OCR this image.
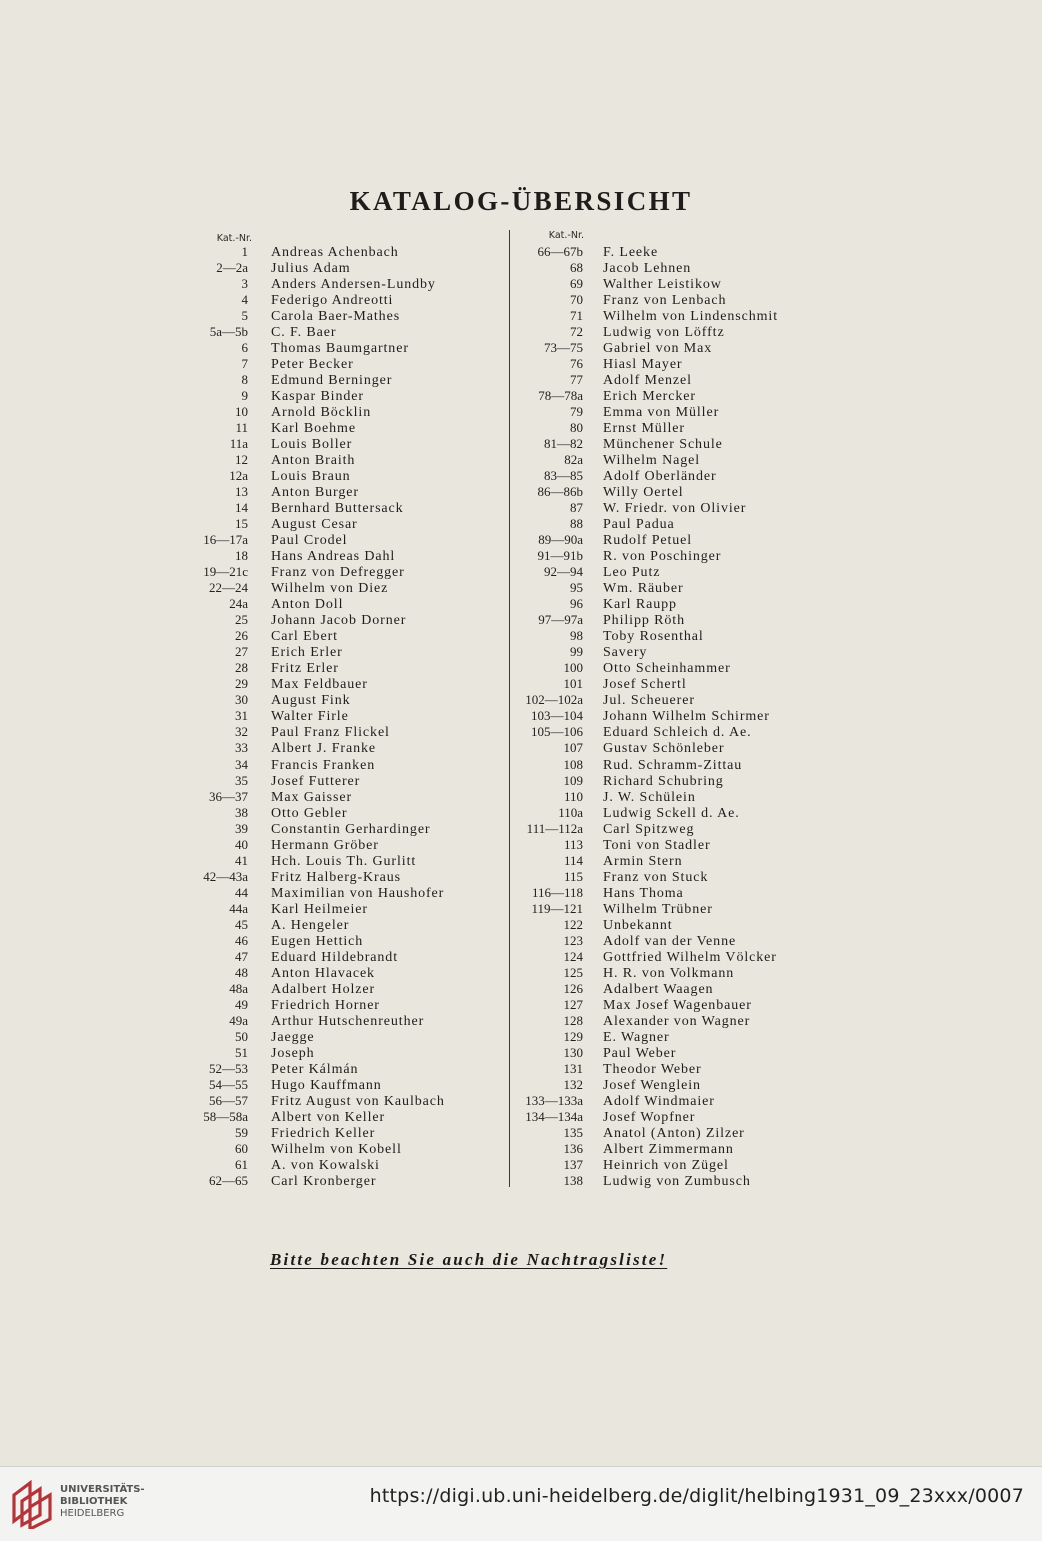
KATALOG-ÜBERSICHT
Kat.-Nr.	Kat.-Nr.
1 Andreas Achenbach
2—2a Julius Adam
3 Anders Andersen-Lundby
4 Federigo Andreotti
5 Carola Baer-Mathes
5a—5b C. F. Baer
6 Thomas Baumgartner
7 Peter Becker
8 Edmund Berninger
9 Kaspar Binder
10 Arnold Böcklin
11 Karl Boehme
11a Louis Boller
12 Anton Braith
12a Louis Braun
13 Anton Burger
14 Bernhard Buttersack
15 August Cesar
16—17a Paul Crodel
18 Hans Andreas Dahl
19—21c Franz von Defregger
22—24 Wilhelm von Diez
24a Anton Doll
25 Johann Jacob Dorner
26 Carl Ebert
27 Erich Erler
28 Fritz Erler
29 Max Feldbauer
30 August Fink
31 Walter Firle
32 Paul Franz Flickel
33 Albert J. Franke
34 Francis Franken
35 Josef Futterer
36—37 Max Gaisser
38 Otto Gebler
39 Constantin Gerhardinger
40 Hermann Gröber
41 Hch. Louis Th. Gurlitt
42—43a Fritz Halberg-Kraus
44 Maximilian von Haushofer
44a Karl Heilmeier
45 A. Hengeler
46 Eugen Hettich
47 Eduard Hildebrandt
48 Anton Hlavacek
48a Adalbert Holzer
49 Friedrich Horner
49a Arthur Hutschenreuther
50 Jaegge
51 Joseph
52—53 Peter Kálmán
54—55 Hugo Kauffmann
56—57 Fritz August von Kaulbach
58—58a Albert von Keller
59 Friedrich Keller
60 Wilhelm von Kobell
61 A. von Kowalski
62—65 Carl Kronberger
66—67b F. Leeke
68 Jacob Lehnen
69 Walther Leistikow
70 Franz von Lenbach
71 Wilhelm von Lindenschmit
72 Ludwig von Löfftz
73—75 Gabriel von Max
76 Hiasl Mayer
77 Adolf Menzel
78—78a Erich Mercker
79 Emma von Müller
80 Ernst Müller
81—82 Münchener Schule
82a Wilhelm Nagel
83—85 Adolf Oberländer
86—86b Willy Oertel
87 W. Friedr. von Olivier
88 Paul Padua
89—90a Rudolf Petuel
91—91b R. von Poschinger
92—94 Leo Putz
95 Wm. Räuber
96 Karl Raupp
97—97a Philipp Röth
98 Toby Rosenthal
99 Savery
100 Otto Scheinhammer
101 Josef Schertl
102—102a Jul. Scheuerer
103—104 Johann Wilhelm Schirmer
105—106 Eduard Schleich d. Ae.
107 Gustav Schönleber
108 Rud. Schramm-Zittau
109 Richard Schubring
110 J. W. Schülein
110a Ludwig Sckell d. Ae.
111—112a Carl Spitzweg
113 Toni von Stadler
114 Armin Stern
115 Franz von Stuck
116—118 Hans Thoma
119—121 Wilhelm Trübner
122 Unbekannt
123 Adolf van der Venne
124 Gottfried Wilhelm Völcker
125 H. R. von Volkmann
126 Adalbert Waagen
127 Max Josef Wagenbauer
128 Alexander von Wagner
129 E. Wagner
130 Paul Weber
131 Theodor Weber
132 Josef Wenglein
133—133a Adolf Windmaier
134—134a Josef Wopfner
135 Anatol (Anton) Zilzer
136 Albert Zimmermann
137 Heinrich von Zügel
138 Ludwig von Zumbusch
Bitte beachten Sie auch die Nachtragsliste!
UNIVERSITÄTS-
BIBLIOTHEK
HEIDELBERG
https://digi.ub.uni-heidelberg.de/diglit/helbing1931_09_23xxx/0007
